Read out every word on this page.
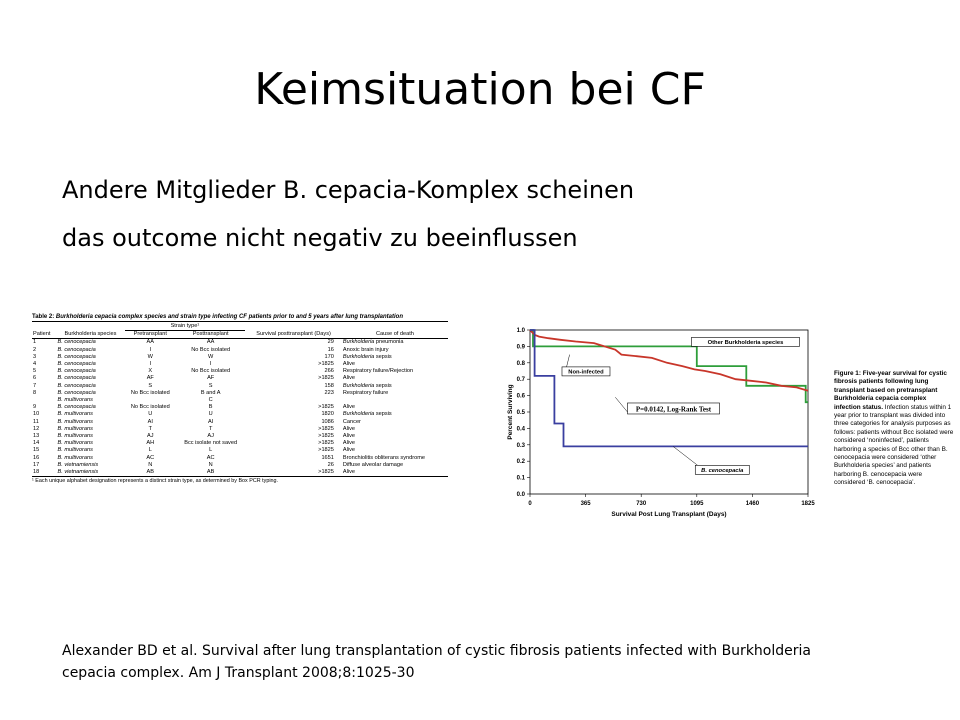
Keimsituation bei CF
Andere Mitglieder B. cepacia-Komplex scheinen
das outcome nicht negativ zu beeinflussen
Table 2: Burkholderia cepacia complex species and strain type infecting CF patients prior to and 5 years after lung transplantation
		Strain type¹			
Patient	Burkholderia species	Pretransplant	Posttransplant	Survival posttransplant (Days)	Cause of death
1	B. cenocepacia	AA	AA	29	Burkholderia pneumonia
2	B. cenocepacia	I	No Bcc isolated	16	Anoxic brain injury
3	B. cenocepacia	W	W	170	Burkholderia sepsis
4	B. cenocepacia	I	I	>1825	Alive
5	B. cenocepacia	X	No Bcc isolated	266	Respiratory failure/Rejection
6	B. cenocepacia	AF	AF	>1825	Alive
7	B. cenocepacia	S	S	158	Burkholderia sepsis
8	B. cenocepacia	No Bcc isolated	B and A	223	Respiratory failure
	B. multivorans		C		
9	B. cenocepacia	No Bcc isolated	B	>1825	Alive
10	B. multivorans	U	U	1820	Burkholderia sepsis
11	B. multivorans	AI	AI	1086	Cancer
12	B. multivorans	T	T	>1825	Alive
13	B. multivorans	AJ	AJ	>1825	Alive
14	B. multivorans	AH	Bcc isolate not saved	>1825	Alive
15	B. multivorans	L	L	>1825	Alive
16	B. multivorans	AC	AC	1651	Bronchiolitis obliterans syndrome
17	B. vietnamiensis	N	N	26	Diffuse alveolar damage
18	B. vietnamiensis	AB	AB	>1825	Alive
¹ Each unique alphabet designation represents a distinct strain type, as determined by Box PCR typing.
0.0
0.1
0.2
0.3
0.4
0.5
0.6
0.7
0.8
0.9
1.0
0	365	730	1095	1460	1825
Percent Surviving
Survival Post Lung Transplant (Days)
Other Burkholderia species
Non-infected
P=0.0142, Log-Rank Test
B. cenocepacia
Figure 1: Five-year survival for cystic fibrosis patients following lung transplant based on pretransplant Burkholderia cepacia complex infection status. Infection status within 1 year prior to transplant was divided into three categories for analysis purposes as follows: patients without Bcc isolated were considered ‘noninfected’, patients harboring a species of Bcc other than B. cenocepacia were considered ‘other Burkholderia species’ and patients harboring B. cenocepacia were considered ‘B. cenocepacia’.
Alexander BD et al. Survival after lung transplantation of cystic fibrosis patients infected with Burkholderia
cepacia complex. Am J Transplant 2008;8:1025-30
